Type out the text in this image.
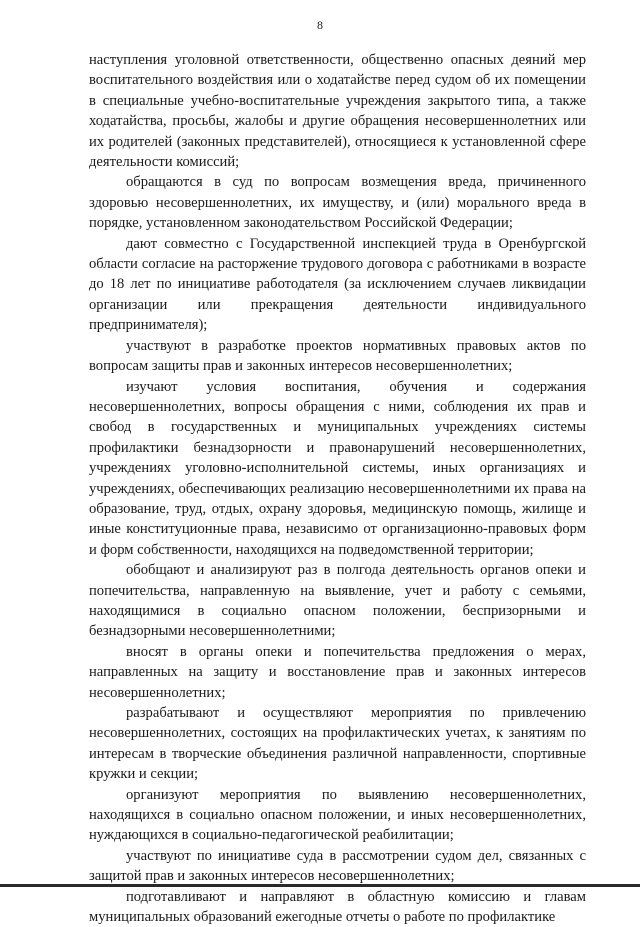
8

наступления уголовной ответственности, общественно опасных деяний мер воспитательного воздействия или о ходатайстве перед судом об их помещении в специальные учебно-воспитательные учреждения закрытого типа, а также ходатайства, просьбы, жалобы и другие обращения несовершеннолетних или их родителей (законных представителей), относящиеся к установленной сфере деятельности комиссий;

обращаются в суд по вопросам возмещения вреда, причиненного здоровью несовершеннолетних, их имуществу, и (или) морального вреда в порядке, установленном законодательством Российской Федерации;

дают совместно с Государственной инспекцией труда в Оренбургской области согласие на расторжение трудового договора с работниками в возрасте до 18 лет по инициативе работодателя (за исключением случаев ликвидации организации или прекращения деятельности индивидуального предпринимателя);

участвуют в разработке проектов нормативных правовых актов по вопросам защиты прав и законных интересов несовершеннолетних;

изучают условия воспитания, обучения и содержания несовершеннолетних, вопросы обращения с ними, соблюдения их прав и свобод в государственных и муниципальных учреждениях системы профилактики безнадзорности и правонарушений несовершеннолетних, учреждениях уголовно-исполнительной системы, иных организациях и учреждениях, обеспечивающих реализацию несовершеннолетними их права на образование, труд, отдых, охрану здоровья, медицинскую помощь, жилище и иные конституционные права, независимо от организационно-правовых форм и форм собственности, находящихся на подведомственной территории;

обобщают и анализируют раз в полгода деятельность органов опеки и попечительства, направленную на выявление, учет и работу с семьями, находящимися в социально опасном положении, беспризорными и безнадзорными несовершеннолетними;

вносят в органы опеки и попечительства предложения о мерах, направленных на защиту и восстановление прав и законных интересов несовершеннолетних;

разрабатывают и осуществляют мероприятия по привлечению несовершеннолетних, состоящих на профилактических учетах, к занятиям по интересам в творческие объединения различной направленности, спортивные кружки и секции;

организуют мероприятия по выявлению несовершеннолетних, находящихся в социально опасном положении, и иных несовершеннолетних, нуждающихся в социально-педагогической реабилитации;

участвуют по инициативе суда в рассмотрении судом дел, связанных с защитой прав и законных интересов несовершеннолетних;

подготавливают и направляют в областную комиссию и главам муниципальных образований ежегодные отчеты о работе по профилактике
